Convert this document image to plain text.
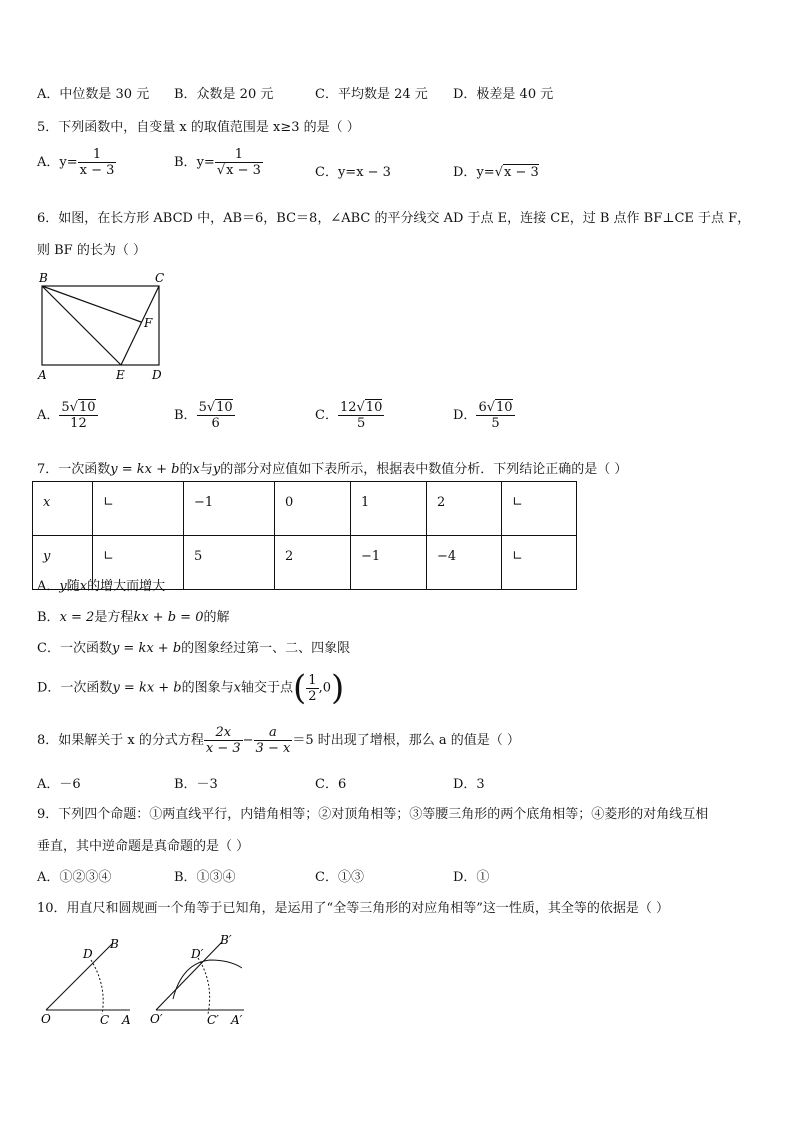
A．中位数是 30 元 B．众数是 20 元	C．平均数是 24 元 D．极差是 40 元
5．下列函数中，自变量 x 的取值范围是 x≥3 的是（ ）
A．$y= \frac{1}{x - 3}$	B．$y= \frac{1}{√x - 3}$	C．y=x − 3	D．y=√x − 3
6．如图，在长方形 ABCD 中，AB＝6，BC＝8，∠ABC 的平分线交 AD 于点 E，连接 CE，过 B 点作 BF⊥CE 于点 F，
则 BF 的长为（ ）
B	C
F
A	E D
A． $\frac{5√10}{12}$	B． $\frac{5√10}{6}$	C． $\frac{12√10}{5}$	D． $\frac{6√10}{5}$
7．一次函数y = kx + b的x与y的部分对应值如下表所示，根据表中数值分析．下列结论正确的是（ ）
x	∟	−1	0	1	2	∟
y	∟	5	2	−1	−4	∟
A．y随x的增大而增大
B．x = 2是方程kx + b = 0的解
C．一次函数y = kx + b的图象经过第一、二、四象限
D．一次函数y = kx + b的图象与x轴交于点( $\frac{1}{2} ,0$)
8．如果解关于 x 的分式方程 $\frac{2x}{x - 3} - \frac{a}{3 - x} =5$ 时出现了增根，那么 a 的值是（ ）
A．－6	B．－3	C．6	D．3
9．下列四个命题：①两直线平行，内错角相等；②对顶角相等；③等腰三角形的两个底角相等；④菱形的对角线互相
垂直，其中逆命题是真命题的是（ ）
A．①②③④	B．①③④	C．①③	D．①
10．用直尺和圆规画一个角等于已知角，是运用了“全等三角形的对应角相等”这一性质，其全等的依据是（ ）
O
D
B
C A O′
D′
B′
C′ A′
